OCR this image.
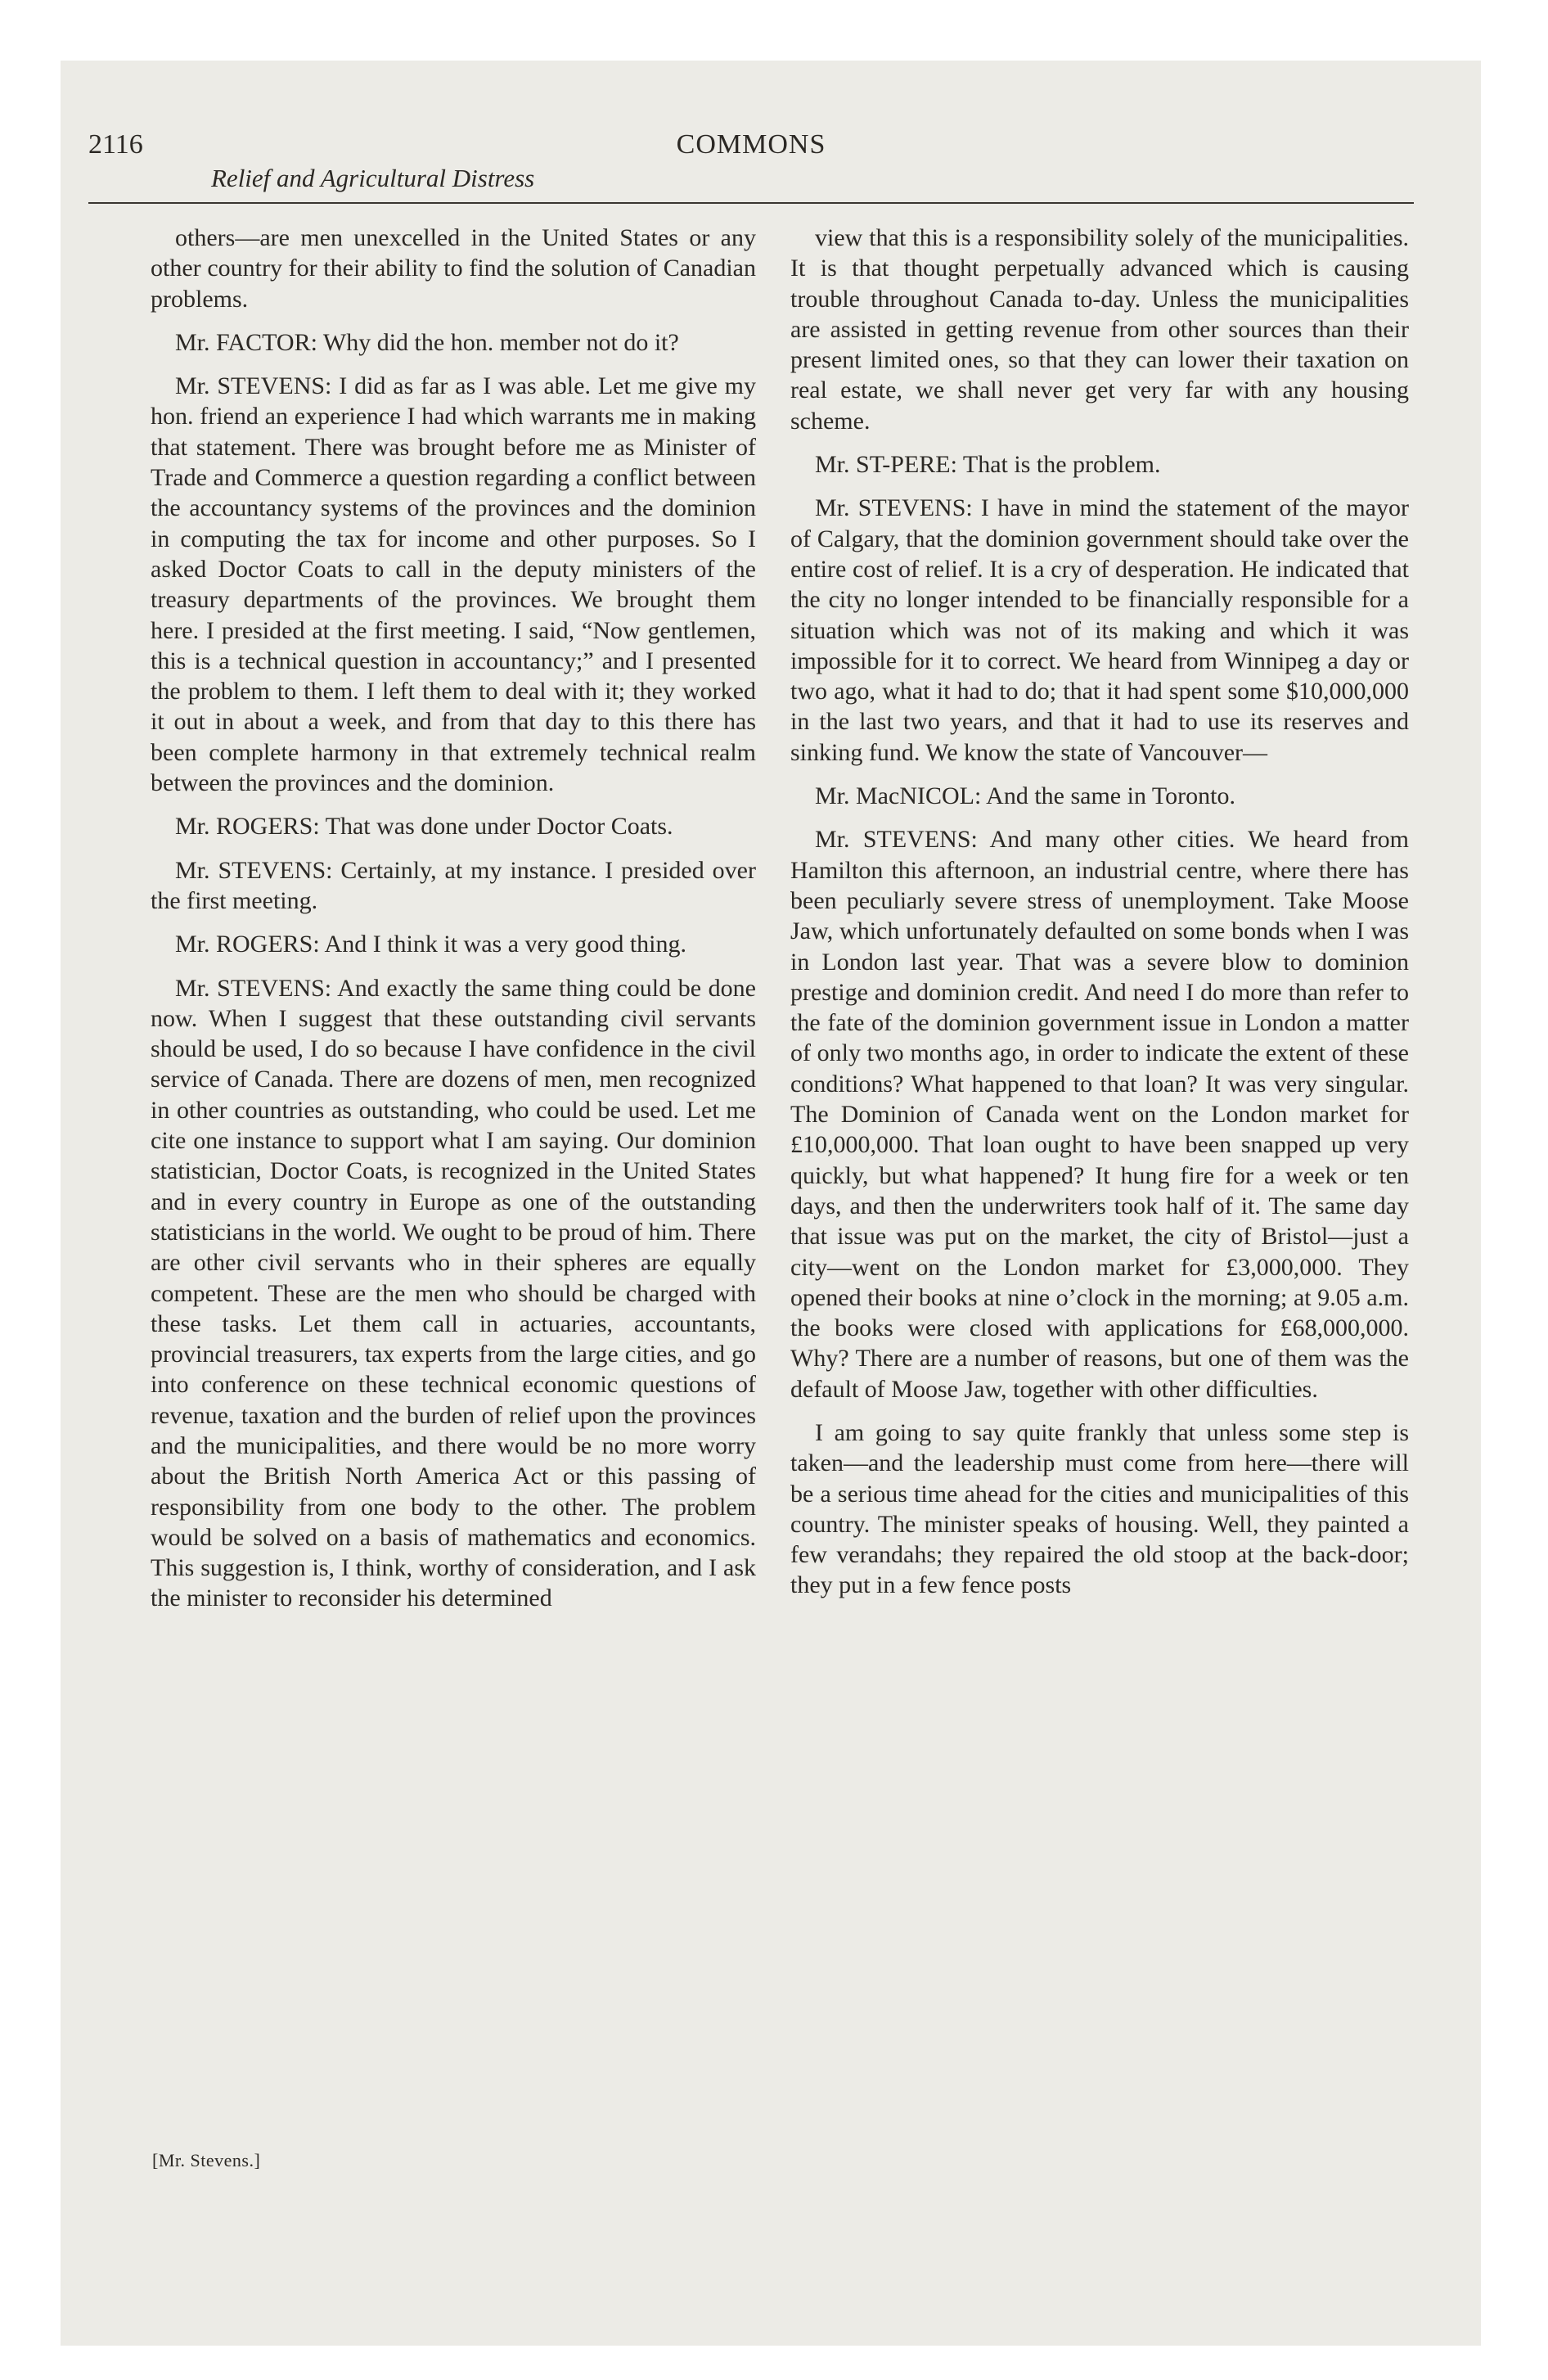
2116	COMMONS
Relief and Agricultural Distress

others—are men unexcelled in the United States or any other country for their ability to find the solution of Canadian problems.

Mr. FACTOR: Why did the hon. member not do it?

Mr. STEVENS: I did as far as I was able. Let me give my hon. friend an experience I had which warrants me in making that statement. There was brought before me as Minister of Trade and Commerce a question regarding a conflict between the accountancy systems of the provinces and the dominion in computing the tax for income and other purposes. So I asked Doctor Coats to call in the deputy ministers of the treasury departments of the provinces. We brought them here. I presided at the first meeting. I said, “Now gentlemen, this is a technical question in accountancy;” and I presented the problem to them. I left them to deal with it; they worked it out in about a week, and from that day to this there has been complete harmony in that extremely technical realm between the provinces and the dominion.

Mr. ROGERS: That was done under Doctor Coats.

Mr. STEVENS: Certainly, at my instance. I presided over the first meeting.

Mr. ROGERS: And I think it was a very good thing.

Mr. STEVENS: And exactly the same thing could be done now. When I suggest that these outstanding civil servants should be used, I do so because I have confidence in the civil service of Canada. There are dozens of men, men recognized in other countries as outstanding, who could be used. Let me cite one instance to support what I am saying. Our dominion statistician, Doctor Coats, is recognized in the United States and in every country in Europe as one of the outstanding statisticians in the world. We ought to be proud of him. There are other civil servants who in their spheres are equally competent. These are the men who should be charged with these tasks. Let them call in actuaries, accountants, provincial treasurers, tax experts from the large cities, and go into conference on these technical economic questions of revenue, taxation and the burden of relief upon the provinces and the municipalities, and there would be no more worry about the British North America Act or this passing of responsibility from one body to the other. The problem would be solved on a basis of mathematics and economics. This suggestion is, I think, worthy of consideration, and I ask the minister to reconsider his determined

view that this is a responsibility solely of the municipalities. It is that thought perpetually advanced which is causing trouble throughout Canada to-day. Unless the municipalities are assisted in getting revenue from other sources than their present limited ones, so that they can lower their taxation on real estate, we shall never get very far with any housing scheme.

Mr. ST-PERE: That is the problem.

Mr. STEVENS: I have in mind the statement of the mayor of Calgary, that the dominion government should take over the entire cost of relief. It is a cry of desperation. He indicated that the city no longer intended to be financially responsible for a situation which was not of its making and which it was impossible for it to correct. We heard from Winnipeg a day or two ago, what it had to do; that it had spent some $10,000,000 in the last two years, and that it had to use its reserves and sinking fund. We know the state of Vancouver—

Mr. MacNICOL: And the same in Toronto.

Mr. STEVENS: And many other cities. We heard from Hamilton this afternoon, an industrial centre, where there has been peculiarly severe stress of unemployment. Take Moose Jaw, which unfortunately defaulted on some bonds when I was in London last year. That was a severe blow to dominion prestige and dominion credit. And need I do more than refer to the fate of the dominion government issue in London a matter of only two months ago, in order to indicate the extent of these conditions? What happened to that loan? It was very singular. The Dominion of Canada went on the London market for £10,000,000. That loan ought to have been snapped up very quickly, but what happened? It hung fire for a week or ten days, and then the underwriters took half of it. The same day that issue was put on the market, the city of Bristol—just a city—went on the London market for £3,000,000. They opened their books at nine o’clock in the morning; at 9.05 a.m. the books were closed with applications for £68,000,000. Why? There are a number of reasons, but one of them was the default of Moose Jaw, together with other difficulties.

I am going to say quite frankly that unless some step is taken—and the leadership must come from here—there will be a serious time ahead for the cities and municipalities of this country. The minister speaks of housing. Well, they painted a few verandahs; they repaired the old stoop at the back-door; they put in a few fence posts

[Mr. Stevens.]
